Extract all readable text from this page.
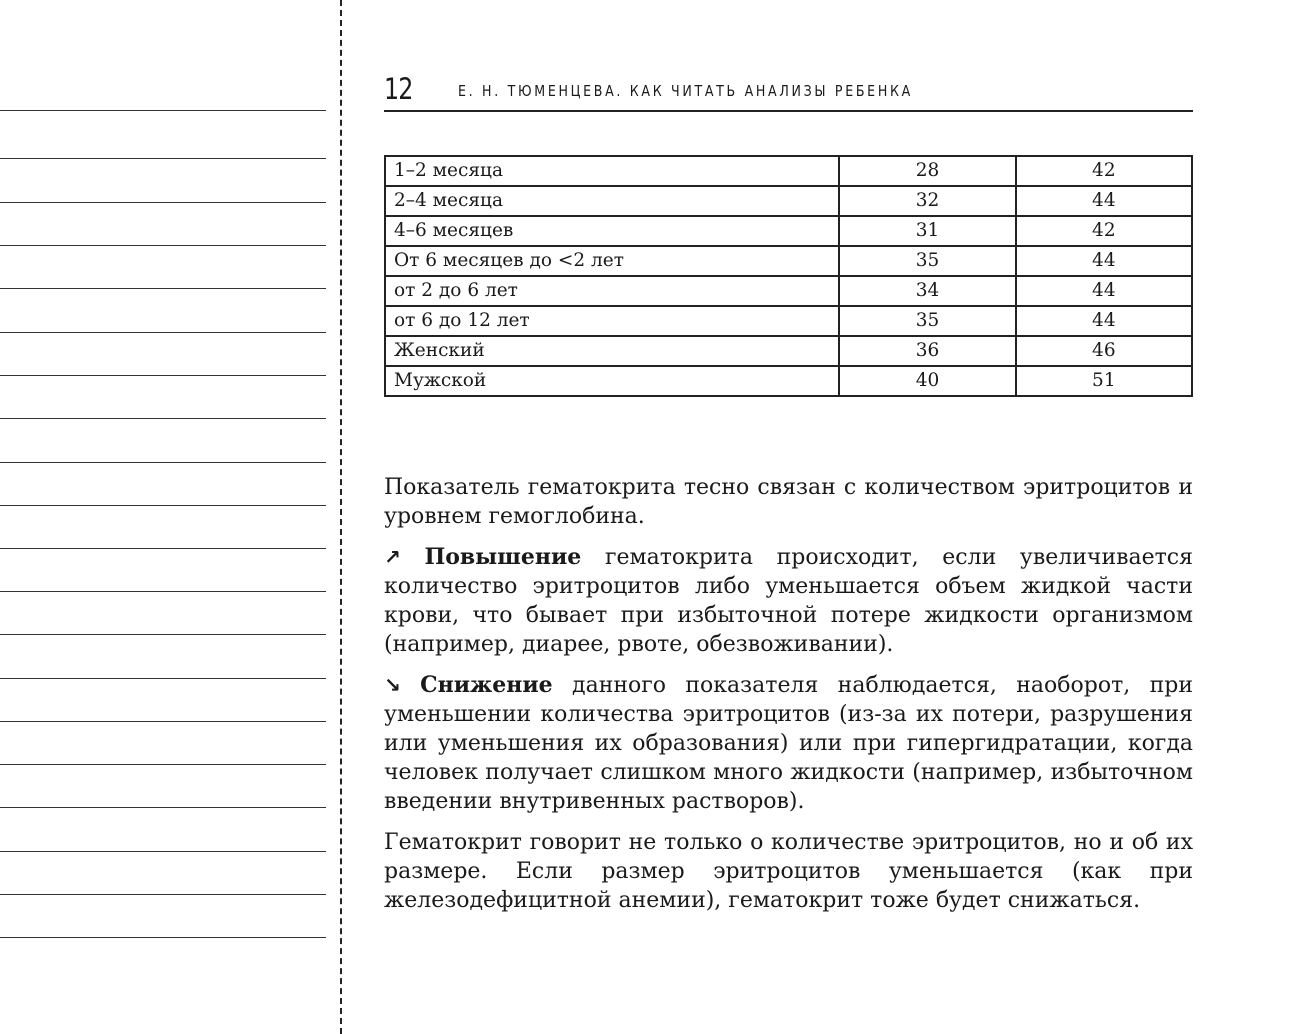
12	Е. Н. ТЮМЕНЦЕВА. КАК ЧИТАТЬ АНАЛИЗЫ РЕБЕНКА
1–2 месяца	28	42
2–4 месяца	32	44
4–6 месяцев	31	42
От 6 месяцев до <2 лет	35	44
от 2 до 6 лет	34	44
от 6 до 12 лет	35	44
Женский	36	46
Мужской	40	51

Показатель гематокрита тесно связан с количеством эритроцитов и уровнем гемоглобина.

↗ Повышение гематокрита происходит, если увеличивается количество эритроцитов либо уменьшается объем жидкой части крови, что бывает при избыточной потере жидкости организмом (например, диарее, рвоте, обезвоживании).

↘ Снижение данного показателя наблюдается, наоборот, при уменьшении количества эритроцитов (из-за их потери, разрушения или уменьшения их образования) или при гипергидратации, когда человек получает слишком много жидкости (например, избыточном введении внутривенных растворов).

Гематокрит говорит не только о количестве эритроцитов, но и об их размере. Если размер эритроцитов уменьшается (как при железодефицитной анемии), гематокрит тоже будет снижаться.
